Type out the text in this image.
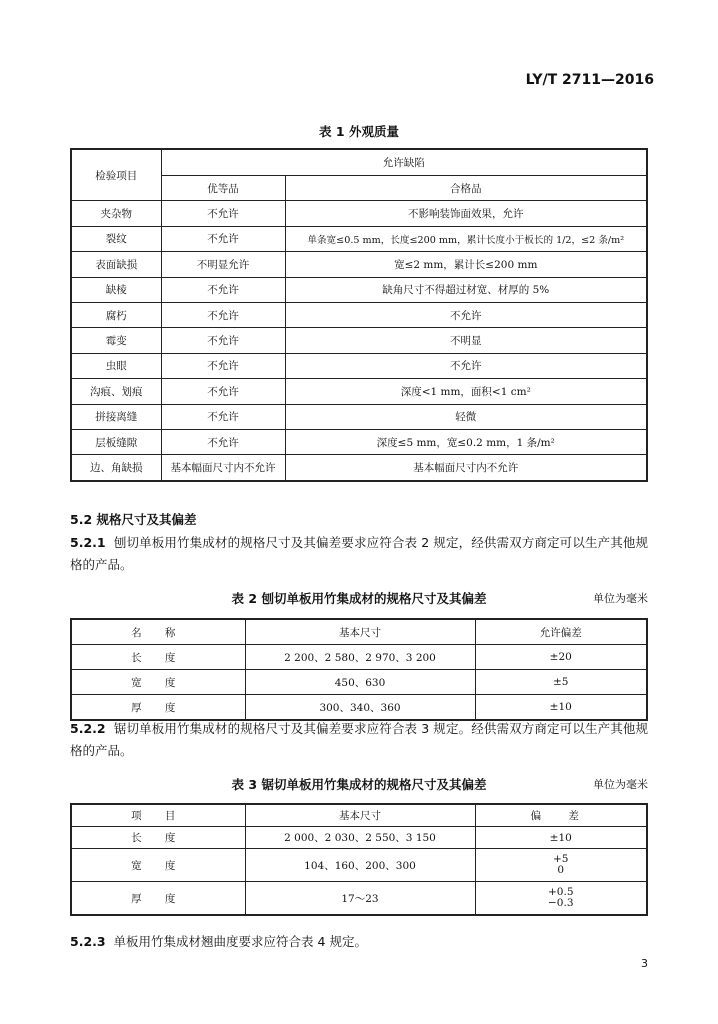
LY/T 2711—2016
表 1 外观质量
检验项目	允许缺陷	
	优等品	合格品
夹杂物	不允许	不影响装饰面效果，允许
裂纹	不允许	单条宽≤0.5 mm，长度≤200 mm，累计长度小于板长的 1/2，≤2 条/m²
表面缺损	不明显允许	宽≤2 mm，累计长≤200 mm
缺棱	不允许	缺角尺寸不得超过材宽、材厚的 5%
腐朽	不允许	不允许
霉变	不允许	不明显
虫眼	不允许	不允许
沟痕、划痕	不允许	深度<1 mm，面积<1 cm²
拼接离缝	不允许	轻微
层板缝隙	不允许	深度≤5 mm，宽≤0.2 mm，1 条/m²
边、角缺损	基本幅面尺寸内不允许	基本幅面尺寸内不允许
5.2 规格尺寸及其偏差
5.2.1 刨切单板用竹集成材的规格尺寸及其偏差要求应符合表 2 规定，经供需双方商定可以生产其他规格的产品。
表 2 刨切单板用竹集成材的规格尺寸及其偏差	单位为毫米
名 称	基本尺寸	允许偏差
长 度	2 200、2 580、2 970、3 200	±20
宽 度	450、630	±5
厚 度	300、340、360	±10
5.2.2 锯切单板用竹集成材的规格尺寸及其偏差要求应符合表 3 规定。经供需双方商定可以生产其他规格的产品。
表 3 锯切单板用竹集成材的规格尺寸及其偏差	单位为毫米
项 目	基本尺寸	偏 差
长 度	2 000、2 030、2 550、3 150	±10
宽 度	104、160、200、300	+5
0

厚 度	17～23	+0.5
−0.3
5.2.3 单板用竹集成材翘曲度要求应符合表 4 规定。
3
